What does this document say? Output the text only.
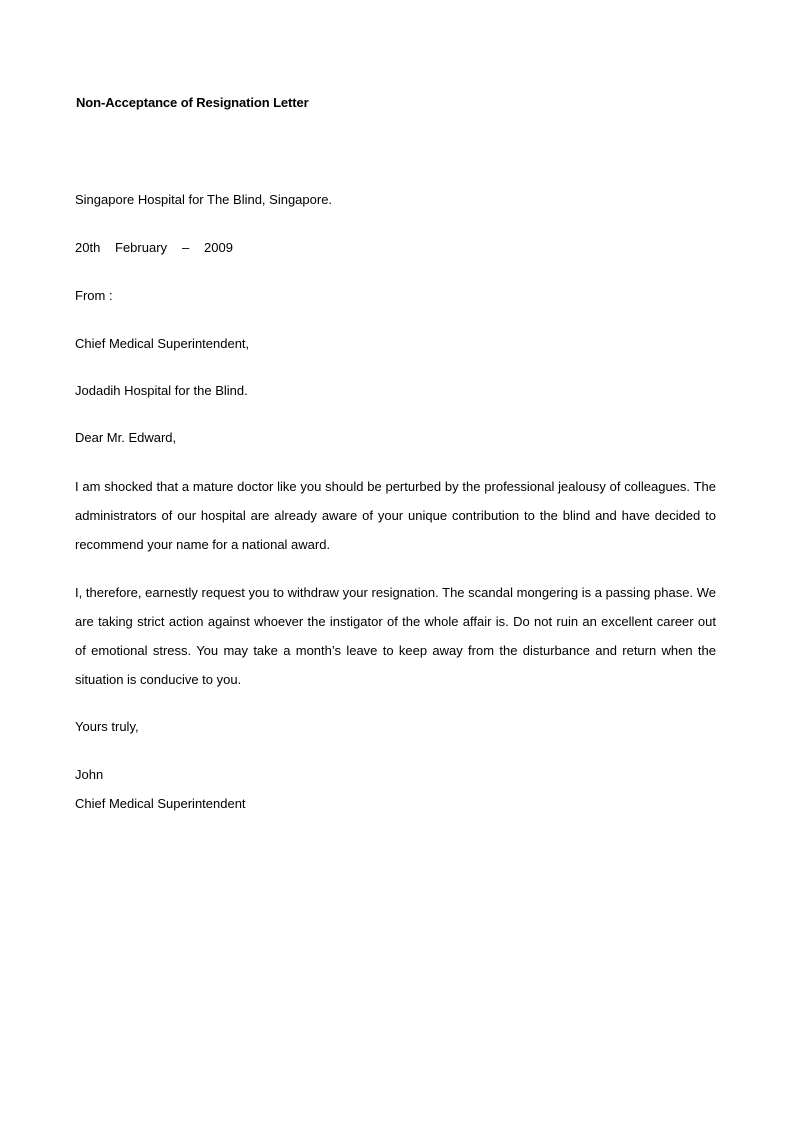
Non-Acceptance of Resignation Letter
Singapore Hospital for The Blind, Singapore.
20th February – 2009
From :
Chief Medical Superintendent,
Jodadih Hospital for the Blind.
Dear Mr. Edward,
I am shocked that a mature doctor like you should be perturbed by the professional jealousy of colleagues. The administrators of our hospital are already aware of your unique contribution to the blind and have decided to recommend your name for a national award.
I, therefore, earnestly request you to withdraw your resignation. The scandal mongering is a passing phase. We are taking strict action against whoever the instigator of the whole affair is. Do not ruin an excellent career out of emotional stress. You may take a month’s leave to keep away from the disturbance and return when the situation is conducive to you.
Yours truly,
John
Chief Medical Superintendent
